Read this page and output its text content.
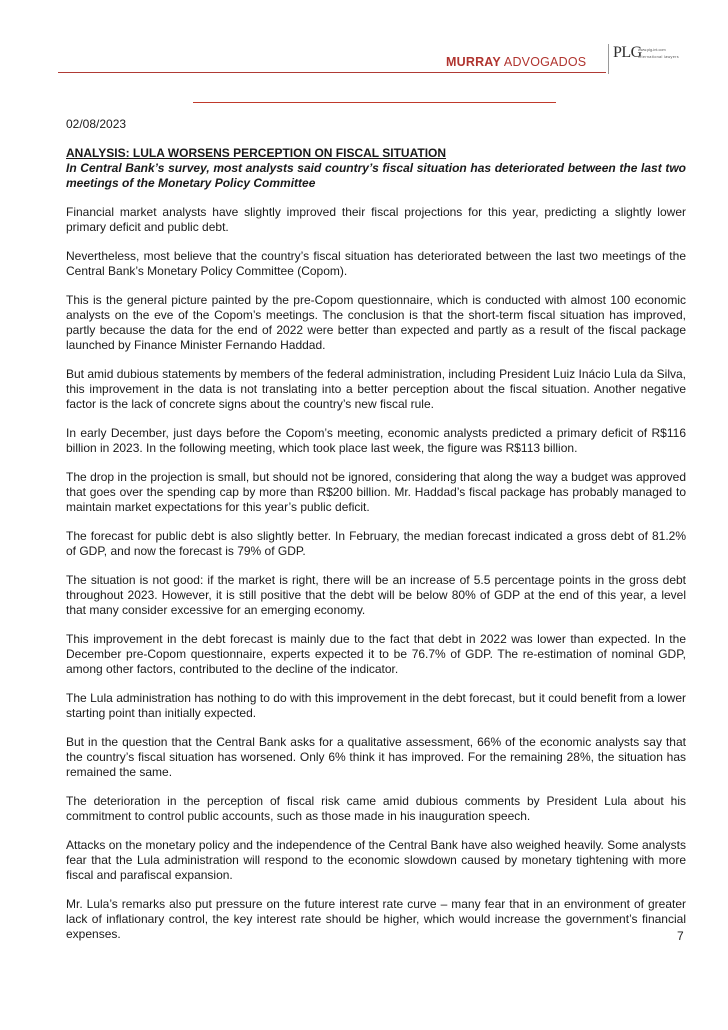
MURRAY ADVOGADOS
PLG
www.plg-int.com
international lawyers

02/08/2023

ANALYSIS: LULA WORSENS PERCEPTION ON FISCAL SITUATION

In Central Bank’s survey, most analysts said country’s fiscal situation has deteriorated between the last two meetings of the Monetary Policy Committee

Financial market analysts have slightly improved their fiscal projections for this year, predicting a slightly lower primary deficit and public debt.

Nevertheless, most believe that the country’s fiscal situation has deteriorated between the last two meetings of the Central Bank’s Monetary Policy Committee (Copom).

This is the general picture painted by the pre-Copom questionnaire, which is conducted with almost 100 economic analysts on the eve of the Copom’s meetings. The conclusion is that the short-term fiscal situation has improved, partly because the data for the end of 2022 were better than expected and partly as a result of the fiscal package launched by Finance Minister Fernando Haddad.

But amid dubious statements by members of the federal administration, including President Luiz Inácio Lula da Silva, this improvement in the data is not translating into a better perception about the fiscal situation. Another negative factor is the lack of concrete signs about the country’s new fiscal rule.

In early December, just days before the Copom’s meeting, economic analysts predicted a primary deficit of R$116 billion in 2023. In the following meeting, which took place last week, the figure was R$113 billion.

The drop in the projection is small, but should not be ignored, considering that along the way a budget was approved that goes over the spending cap by more than R$200 billion. Mr. Haddad’s fiscal package has probably managed to maintain market expectations for this year’s public deficit.

The forecast for public debt is also slightly better. In February, the median forecast indicated a gross debt of 81.2% of GDP, and now the forecast is 79% of GDP.

The situation is not good: if the market is right, there will be an increase of 5.5 percentage points in the gross debt throughout 2023. However, it is still positive that the debt will be below 80% of GDP at the end of this year, a level that many consider excessive for an emerging economy.

This improvement in the debt forecast is mainly due to the fact that debt in 2022 was lower than expected. In the December pre-Copom questionnaire, experts expected it to be 76.7% of GDP. The re-estimation of nominal GDP, among other factors, contributed to the decline of the indicator.

The Lula administration has nothing to do with this improvement in the debt forecast, but it could benefit from a lower starting point than initially expected.

But in the question that the Central Bank asks for a qualitative assessment, 66% of the economic analysts say that the country’s fiscal situation has worsened. Only 6% think it has improved. For the remaining 28%, the situation has remained the same.

The deterioration in the perception of fiscal risk came amid dubious comments by President Lula about his commitment to control public accounts, such as those made in his inauguration speech.

Attacks on the monetary policy and the independence of the Central Bank have also weighed heavily. Some analysts fear that the Lula administration will respond to the economic slowdown caused by monetary tightening with more fiscal and parafiscal expansion.

Mr. Lula’s remarks also put pressure on the future interest rate curve – many fear that in an environment of greater lack of inflationary control, the key interest rate should be higher, which would increase the government’s financial expenses.	7
